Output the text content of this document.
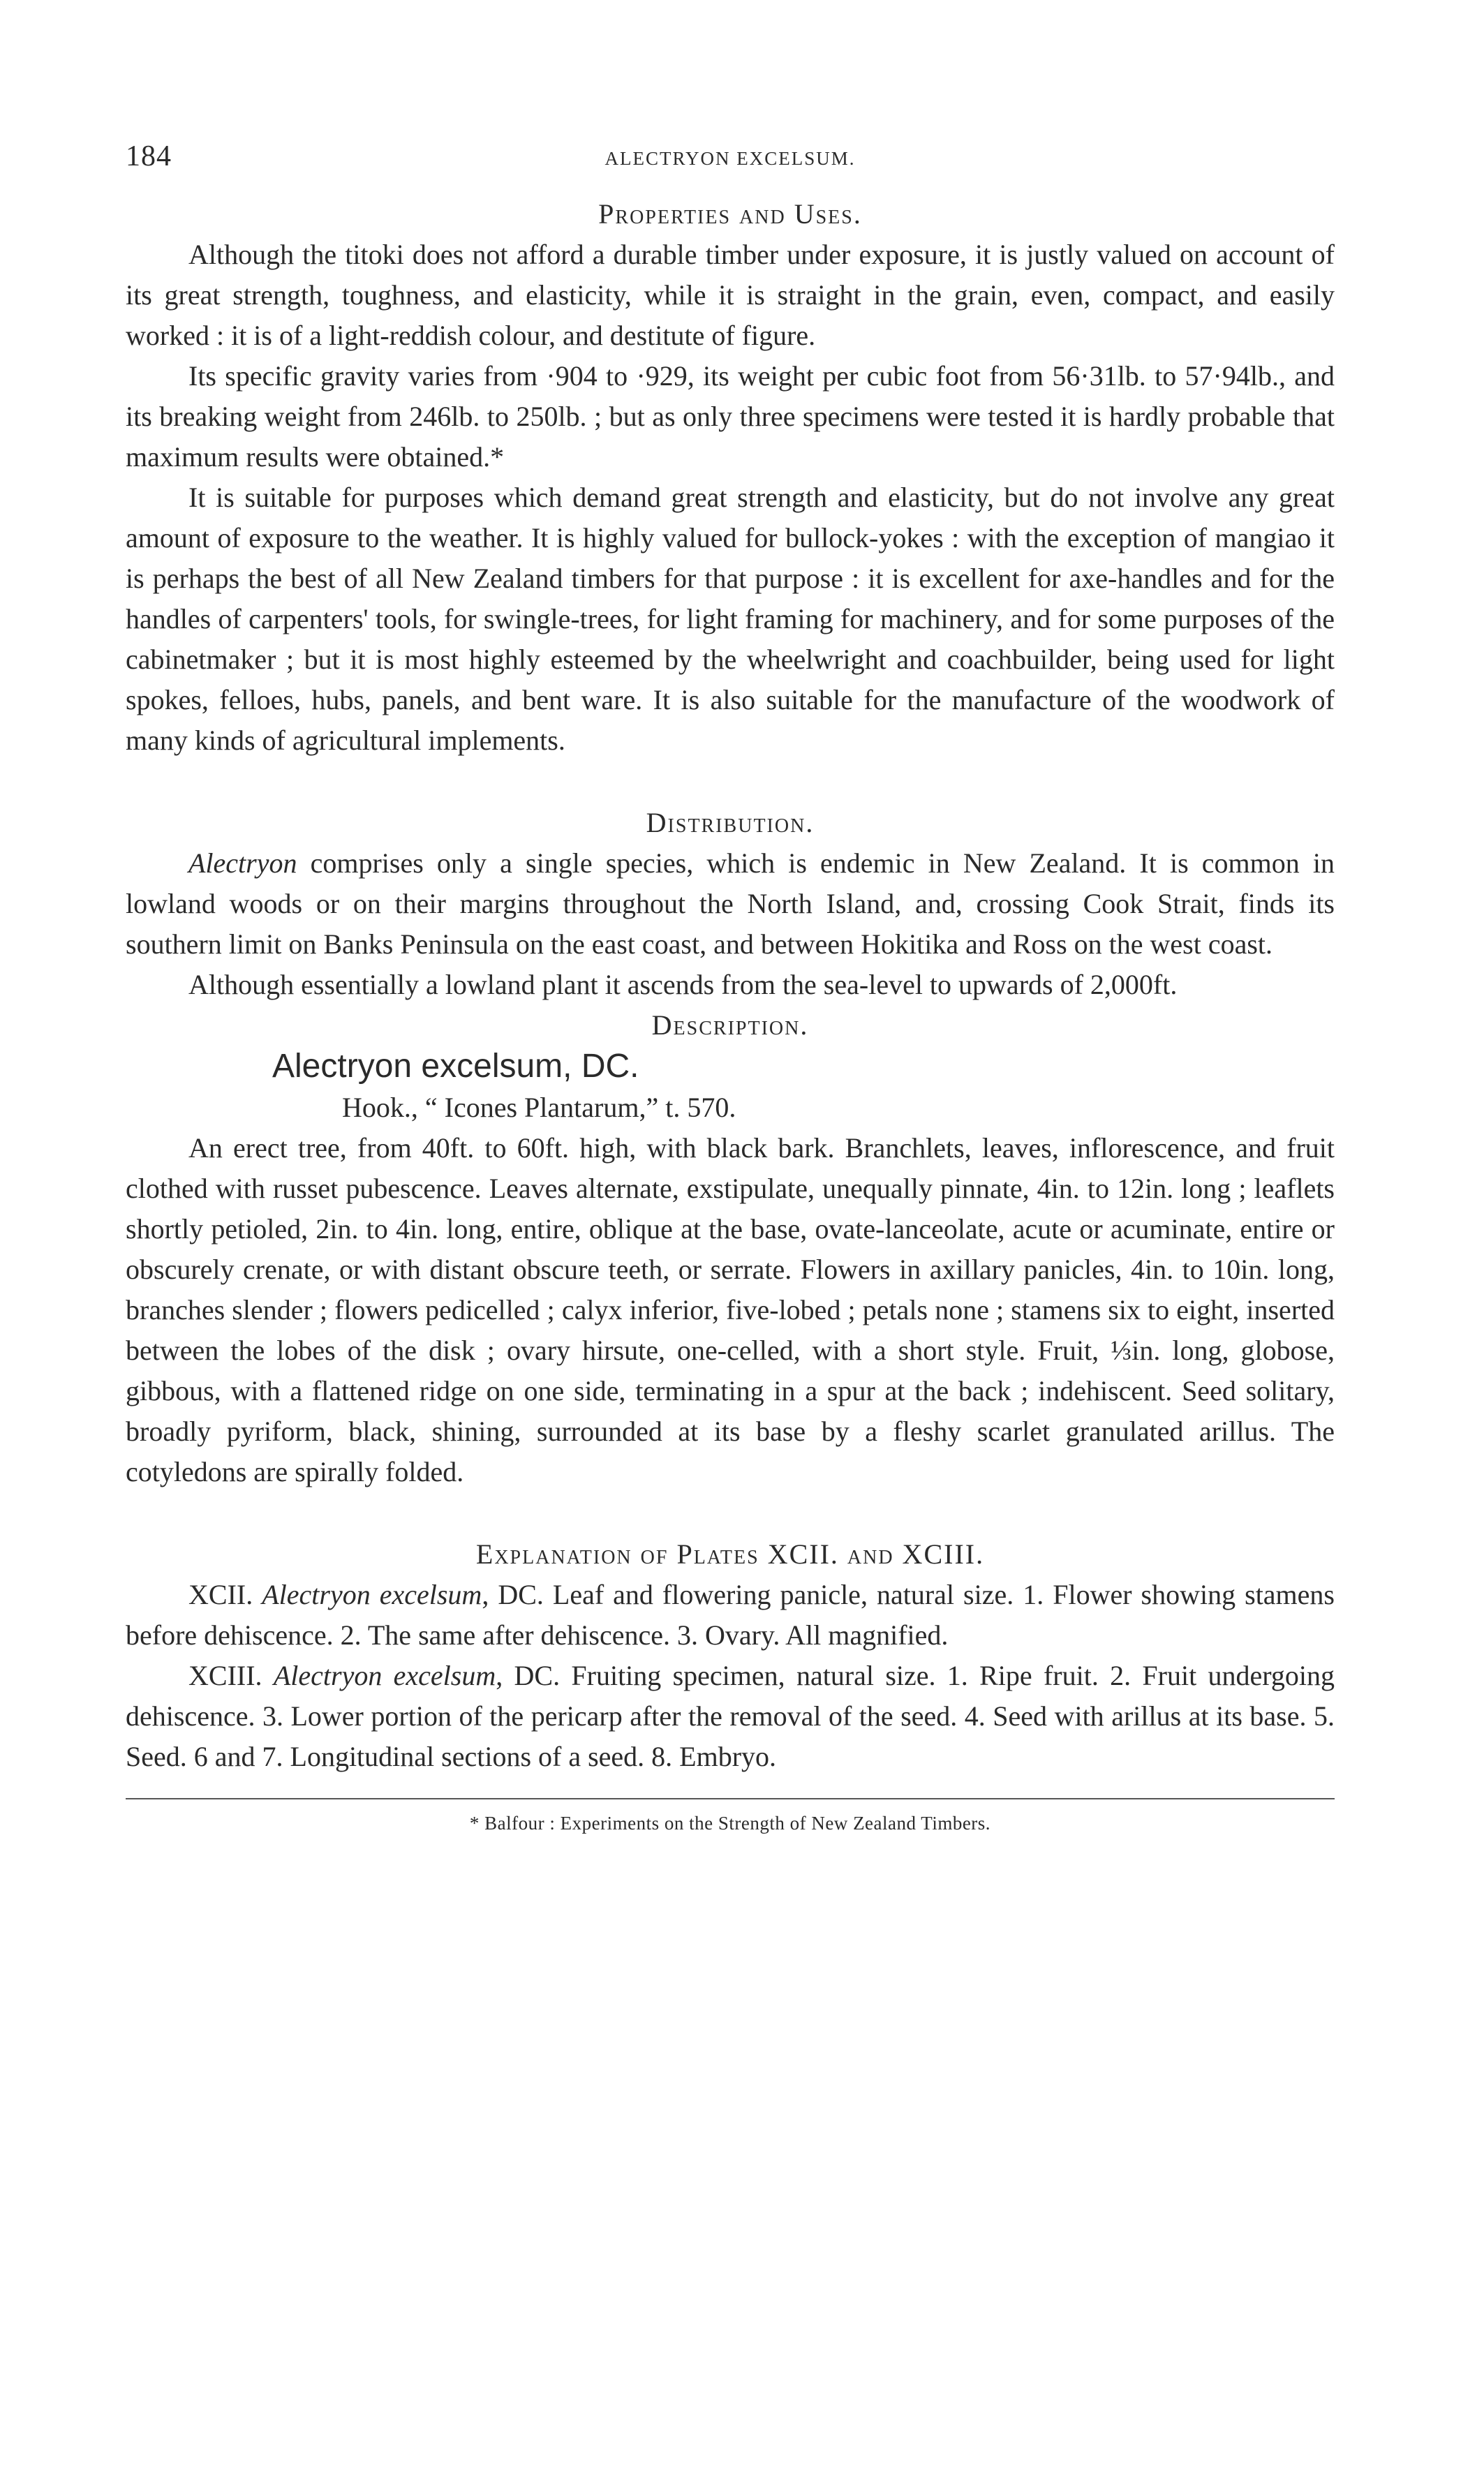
184	ALECTRYON EXCELSUM.
Properties and Uses.

Although the titoki does not afford a durable timber under exposure, it is justly valued on account of its great strength, toughness, and elasticity, while it is straight in the grain, even, compact, and easily worked : it is of a light-reddish colour, and destitute of figure.

Its specific gravity varies from ·904 to ·929, its weight per cubic foot from 56·31lb. to 57·94lb., and its breaking weight from 246lb. to 250lb. ; but as only three specimens were tested it is hardly probable that maximum results were obtained.*

It is suitable for purposes which demand great strength and elasticity, but do not involve any great amount of exposure to the weather. It is highly valued for bullock-yokes : with the exception of mangiao it is perhaps the best of all New Zealand timbers for that purpose : it is excellent for axe-handles and for the handles of carpenters' tools, for swingle-trees, for light framing for machinery, and for some purposes of the cabinetmaker ; but it is most highly esteemed by the wheelwright and coachbuilder, being used for light spokes, felloes, hubs, panels, and bent ware. It is also suitable for the manufacture of the woodwork of many kinds of agricultural implements.

Distribution.

Alectryon comprises only a single species, which is endemic in New Zealand. It is common in lowland woods or on their margins throughout the North Island, and, crossing Cook Strait, finds its southern limit on Banks Peninsula on the east coast, and between Hokitika and Ross on the west coast.

Although essentially a lowland plant it ascends from the sea-level to upwards of 2,000ft.

Description.
Alectryon excelsum, DC.
Hook., “ Icones Plantarum,” t. 570.

An erect tree, from 40ft. to 60ft. high, with black bark. Branchlets, leaves, inflorescence, and fruit clothed with russet pubescence. Leaves alternate, exstipulate, unequally pinnate, 4in. to 12in. long ; leaflets shortly petioled, 2in. to 4in. long, entire, oblique at the base, ovate-lanceolate, acute or acuminate, entire or obscurely crenate, or with distant obscure teeth, or serrate. Flowers in axillary panicles, 4in. to 10in. long, branches slender ; flowers pedicelled ; calyx inferior, five-lobed ; petals none ; stamens six to eight, inserted between the lobes of the disk ; ovary hirsute, one-celled, with a short style. Fruit, ⅓in. long, globose, gibbous, with a flattened ridge on one side, terminating in a spur at the back ; indehiscent. Seed solitary, broadly pyriform, black, shining, surrounded at its base by a fleshy scarlet granulated arillus. The cotyledons are spirally folded.

Explanation of Plates XCII. and XCIII.

XCII. Alectryon excelsum, DC. Leaf and flowering panicle, natural size. 1. Flower showing stamens before dehiscence. 2. The same after dehiscence. 3. Ovary. All magnified.

XCIII. Alectryon excelsum, DC. Fruiting specimen, natural size. 1. Ripe fruit. 2. Fruit undergoing dehiscence. 3. Lower portion of the pericarp after the removal of the seed. 4. Seed with arillus at its base. 5. Seed. 6 and 7. Longitudinal sections of a seed. 8. Embryo.

* Balfour : Experiments on the Strength of New Zealand Timbers.
